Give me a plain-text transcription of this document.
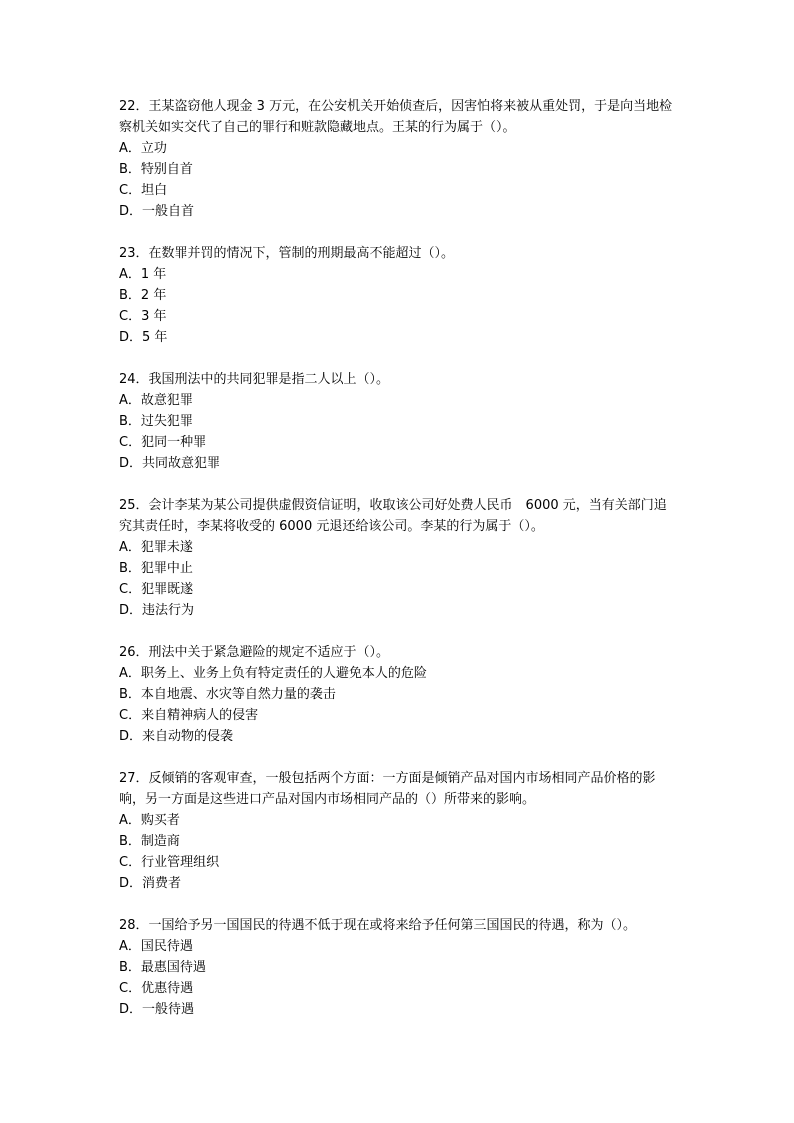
22．王某盗窃他人现金 3 万元，在公安机关开始侦查后，因害怕将来被从重处罚，于是向当地检察机关如实交代了自己的罪行和赃款隐藏地点。王某的行为属于（）。

A．立功

B．特别自首

C．坦白

D．一般自首

23．在数罪并罚的情况下，管制的刑期最高不能超过（）。

A．1 年

B．2 年

C．3 年

D．5 年

24．我国刑法中的共同犯罪是指二人以上（）。

A．故意犯罪

B．过失犯罪

C．犯同一种罪

D．共同故意犯罪

25．会计李某为某公司提供虚假资信证明，收取该公司好处费人民币　6000 元，当有关部门追究其责任时，李某将收受的 6000 元退还给该公司。李某的行为属于（）。

A．犯罪未遂

B．犯罪中止

C．犯罪既遂

D．违法行为

26．刑法中关于紧急避险的规定不适应于（）。

A．职务上、业务上负有特定责任的人避免本人的危险

B．本自地震、水灾等自然力量的袭击

C．来自精神病人的侵害

D．来自动物的侵袭

27．反倾销的客观审查，一般包括两个方面：一方面是倾销产品对国内市场相同产品价格的影响，另一方面是这些进口产品对国内市场相同产品的（）所带来的影响。

A．购买者

B．制造商

C．行业管理组织

D．消费者

28．一国给予另一国国民的待遇不低于现在或将来给予任何第三国国民的待遇，称为（）。

A．国民待遇

B．最惠国待遇

C．优惠待遇

D．一般待遇
